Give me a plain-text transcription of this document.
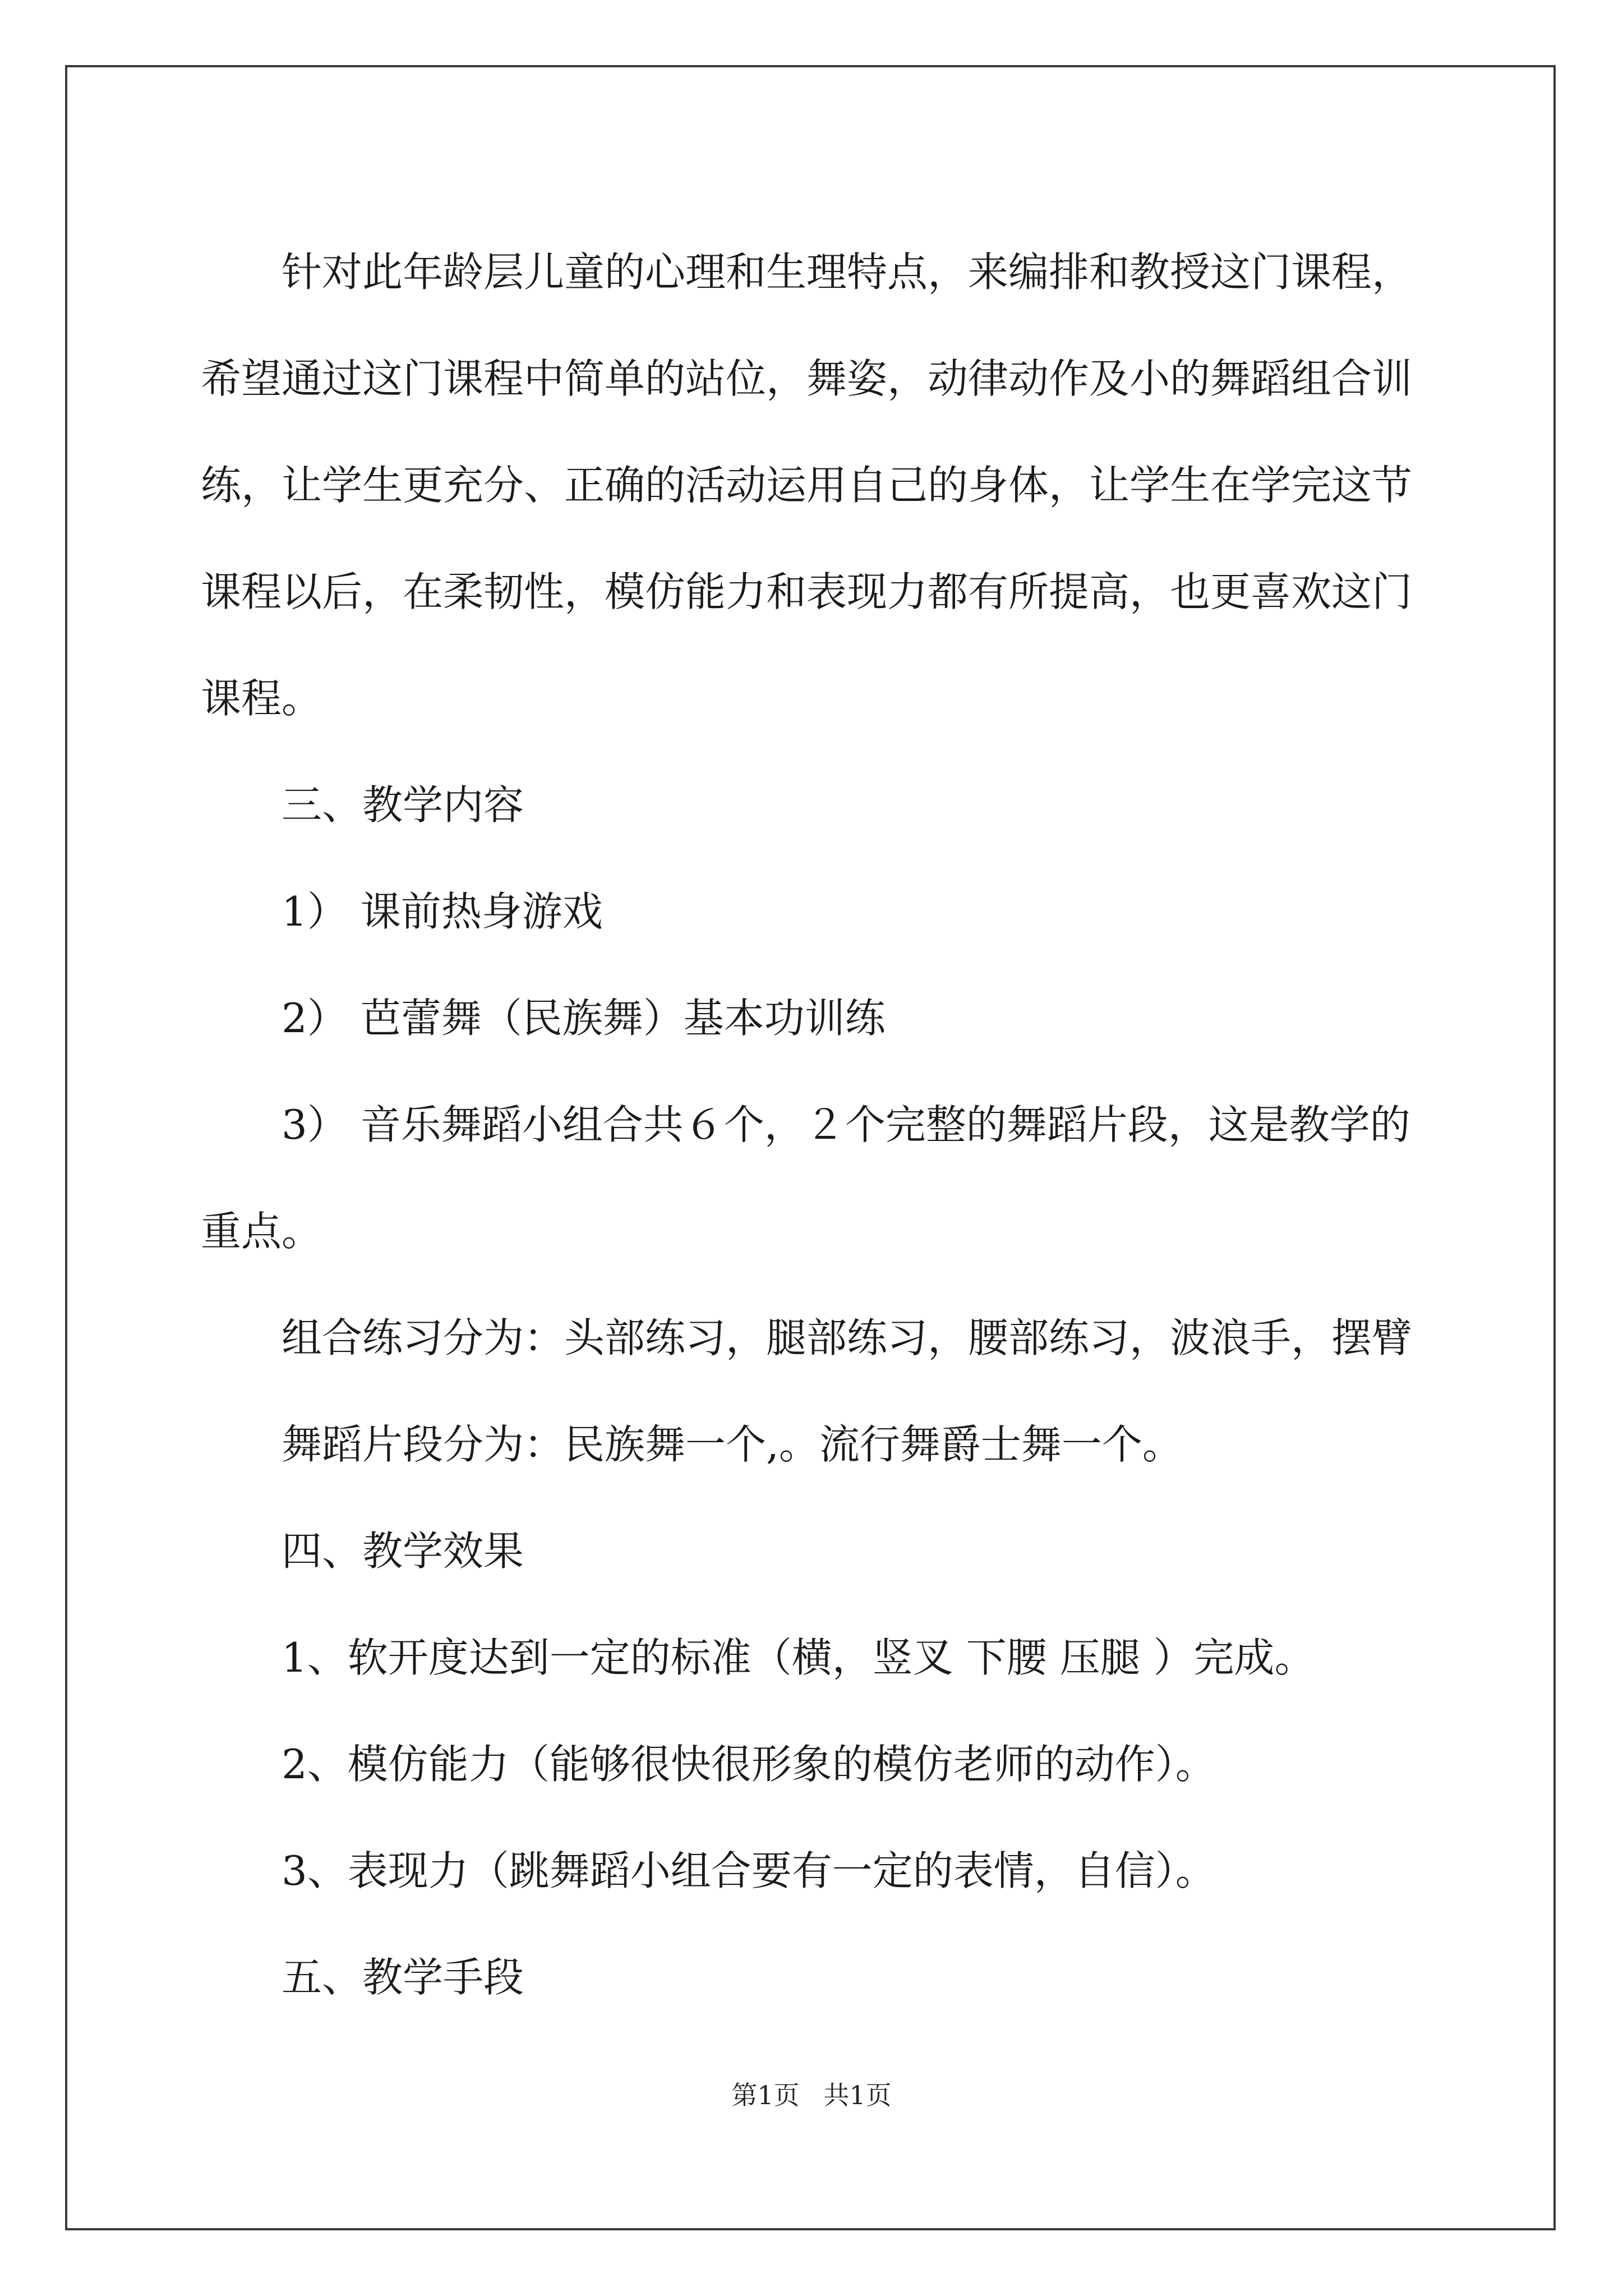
针对此年龄层儿童的心理和生理特点，来编排和教授这门课程，

希望通过这门课程中简单的站位，舞姿，动律动作及小的舞蹈组合训

练，让学生更充分、正确的活动运用自己的身体，让学生在学完这节

课程以后，在柔韧性，模仿能力和表现力都有所提高，也更喜欢这门

课程。

三、教学内容

1） 课前热身游戏

2） 芭蕾舞（民族舞）基本功训练

3） 音乐舞蹈小组合共６个，２个完整的舞蹈片段，这是教学的

重点。

组合练习分为：头部练习，腿部练习，腰部练习，波浪手，摆臂

舞蹈片段分为：民族舞一个,。流行舞爵士舞一个。

四、教学效果

1、软开度达到一定的标准（横，竖叉 下腰 压腿 ）完成。

2、模仿能力（能够很快很形象的模仿老师的动作）。

3、表现力（跳舞蹈小组合要有一定的表情，自信）。

五、教学手段

第1页 共1页
